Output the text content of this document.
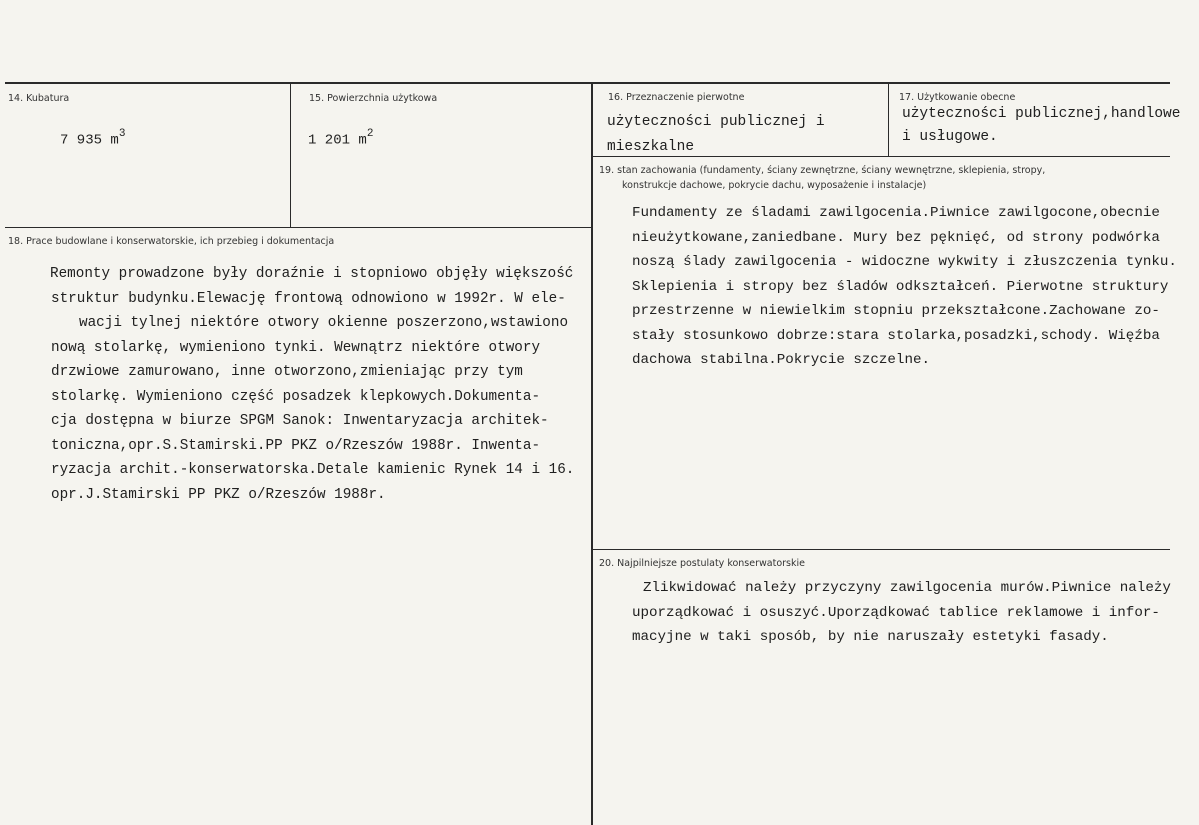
14. Kubatura
7 935 $m^3$
15. Powierzchnia użytkowa
1 201 $m^2$
16. Przeznaczenie pierwotne
użyteczności publicznej i
mieszkalne
17. Użytkowanie obecne
użyteczności publicznej,handlowe
i usługowe.
18. Prace budowlane i konserwatorskie, ich przebieg i dokumentacja
Remonty prowadzone były doraźnie i stopniowo objęły większość
struktur budynku.Elewację frontową odnowiono w 1992r. W ele-
wacji tylnej niektóre otwory okienne poszerzono,wstawiono
nową stolarkę, wymieniono tynki. Wewnątrz niektóre otwory
drzwiowe zamurowano, inne otworzono,zmieniając przy tym
stolarkę. Wymieniono część posadzek klepkowych.Dokumenta-
cja dostępna w biurze SPGM Sanok: Inwentaryzacja architek-
toniczna,opr.S.Stamirski.PP PKZ o/Rzeszów 1988r. Inwenta-
ryzacja archit.-konserwatorska.Detale kamienic Rynek 14 i 16.
opr.J.Stamirski PP PKZ o/Rzeszów 1988r.
19. stan zachowania (fundamenty, ściany zewnętrzne, ściany wewnętrzne, sklepienia, stropy,
konstrukcje dachowe, pokrycie dachu, wyposażenie i instalacje)
Fundamenty ze śladami zawilgocenia.Piwnice zawilgocone,obecnie
nieużytkowane,zaniedbane. Mury bez pęknięć, od strony podwórka
noszą ślady zawilgocenia - widoczne wykwity i złuszczenia tynku.
Sklepienia i stropy bez śladów odkształceń. Pierwotne struktury
przestrzenne w niewielkim stopniu przekształcone.Zachowane zo-
stały stosunkowo dobrze:stara stolarka,posadzki,schody. Więźba
dachowa stabilna.Pokrycie szczelne.
20. Najpilniejsze postulaty konserwatorskie
Zlikwidować należy przyczyny zawilgocenia murów.Piwnice należy
uporządkować i osuszyć.Uporządkować tablice reklamowe i infor-
macyjne w taki sposób, by nie naruszały estetyki fasady.
